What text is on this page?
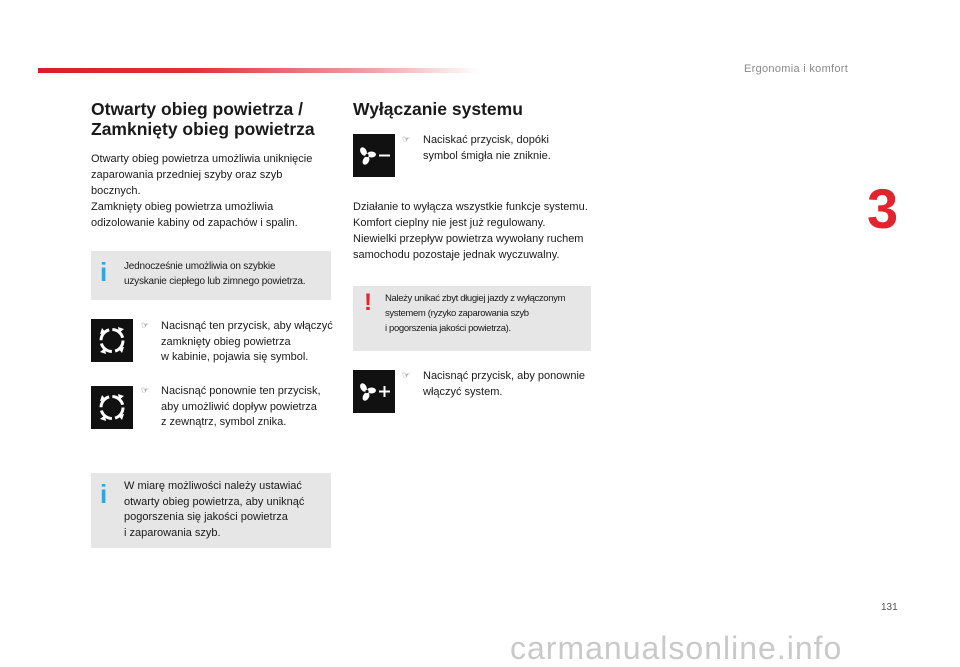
Ergonomia i komfort
3
Otwarty obieg powietrza /
Zamknięty obieg powietrza

Otwarty obieg powietrza umożliwia uniknięcie

zaparowania przedniej szyby oraz szyb

bocznych.

Zamknięty obieg powietrza umożliwia

odizolowanie kabiny od zapachów i spalin.

i Jednocześnie umożliwia on szybkie
uzyskanie ciepłego lub zimnego powietrza.
☞ Nacisnąć ten przycisk, aby włączyć

zamknięty obieg powietrza

w kabinie, pojawia się symbol.

☞ Nacisnąć ponownie ten przycisk,

aby umożliwić dopływ powietrza

z zewnątrz, symbol znika.

i W miarę możliwości należy ustawiać
otwarty obieg powietrza, aby uniknąć
pogorszenia się jakości powietrza
i zaparowania szyb.
Wyłączanie systemu
☞ Naciskać przycisk, dopóki

symbol śmigła nie zniknie.

Działanie to wyłącza wszystkie funkcje systemu.

Komfort cieplny nie jest już regulowany.

Niewielki przepływ powietrza wywołany ruchem

samochodu pozostaje jednak wyczuwalny.

! Należy unikać zbyt długiej jazdy z wyłączonym
systemem (ryzyko zaparowania szyb
i pogorszenia jakości powietrza).
☞ Nacisnąć przycisk, aby ponownie

włączyć system.

131
carmanualsonline.info
